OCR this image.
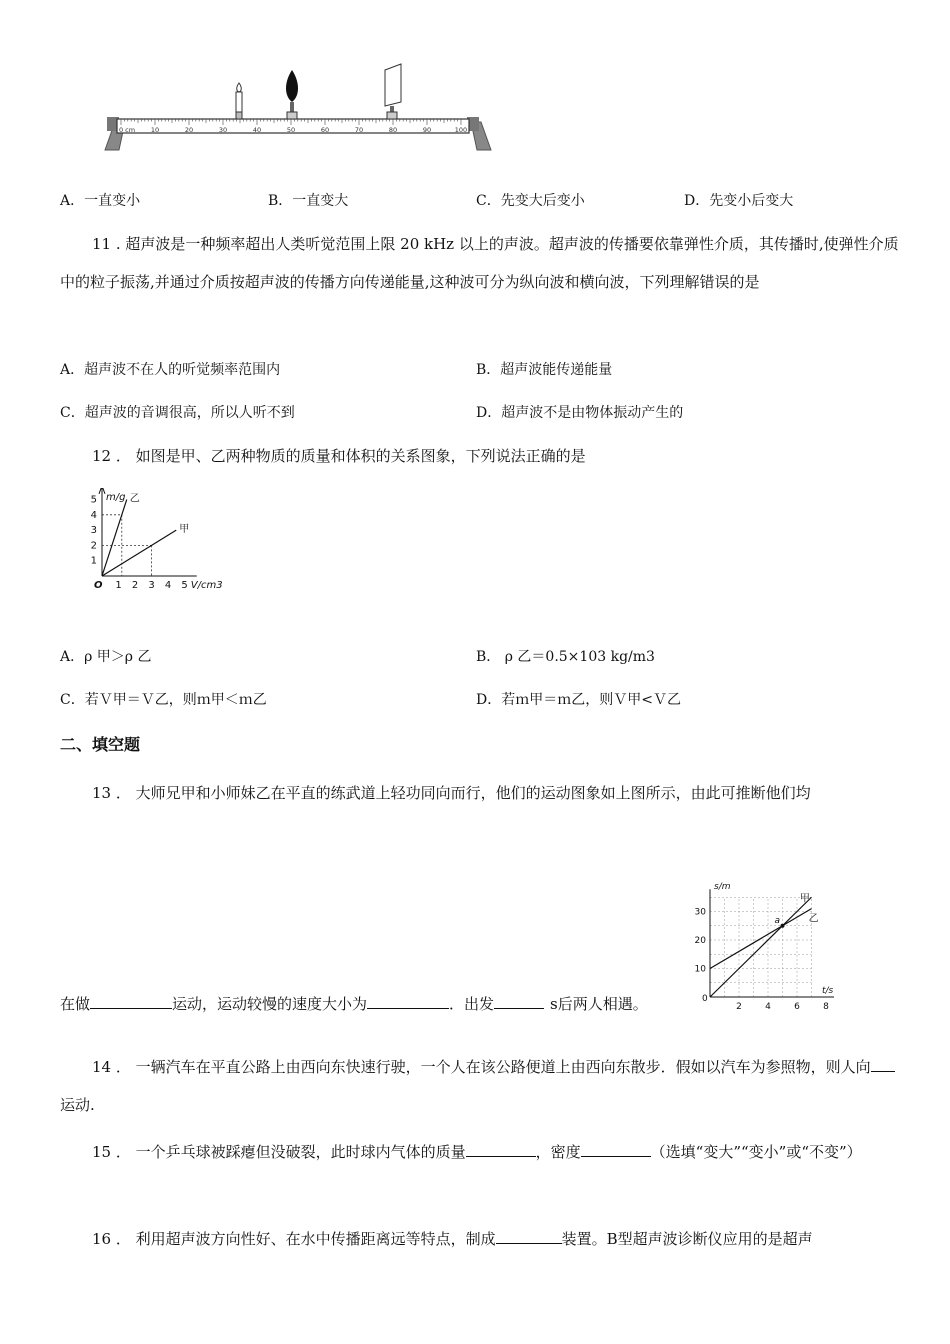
0 cm 10	20	30	40	50	60	70	80	90	100
A．一直变小	B．一直变大	C．先变大后变小	D．先变小后变大
11 . 超声波是一种频率超出人类听觉范围上限 20 kHz 以上的声波。超声波的传播要依靠弹性介质，其传播时,使弹性介质中的粒子振荡,并通过介质按超声波的传播方向传递能量,这种波可分为纵向波和横向波，下列理解错误的是
A．超声波不在人的听觉频率范围内	B．超声波能传递能量
C．超声波的音调很高，所以人听不到	D．超声波不是由物体振动产生的
12 ． 如图是甲、乙两种物质的质量和体积的关系图象，下列说法正确的是
1 2 3 4 5
1
2
3
4
5
O	V/cm3
m/g 乙
甲
A．ρ 甲＞ρ 乙	B． ρ 乙＝0.5×103 kg/m3
C．若Ｖ甲＝Ｖ乙，则ｍ甲＜ｍ乙	D．若ｍ甲＝ｍ乙，则Ｖ甲<Ｖ乙
二、填空题
13 ． 大师兄甲和小师妹乙在平直的练武道上轻功同向而行，他们的运动图象如上图所示，由此可推断他们均
2	4	6	8
10
20
30
0
t/s
s/m
a
甲
乙
在做	运动，运动较慢的速度大小为	．出发	s后两人相遇。
14 ． 一辆汽车在平直公路上由西向东快速行驶，一个人在该公路便道上由西向东散步．假如以汽车为参照物，则人向运动.
15 ． 一个乒乓球被踩瘪但没破裂，此时球内气体的质量	，密度	（选填“变大”“变小”或“不变”）
16 ． 利用超声波方向性好、在水中传播距离远等特点，制成	装置。B型超声波诊断仪应用的是超声
